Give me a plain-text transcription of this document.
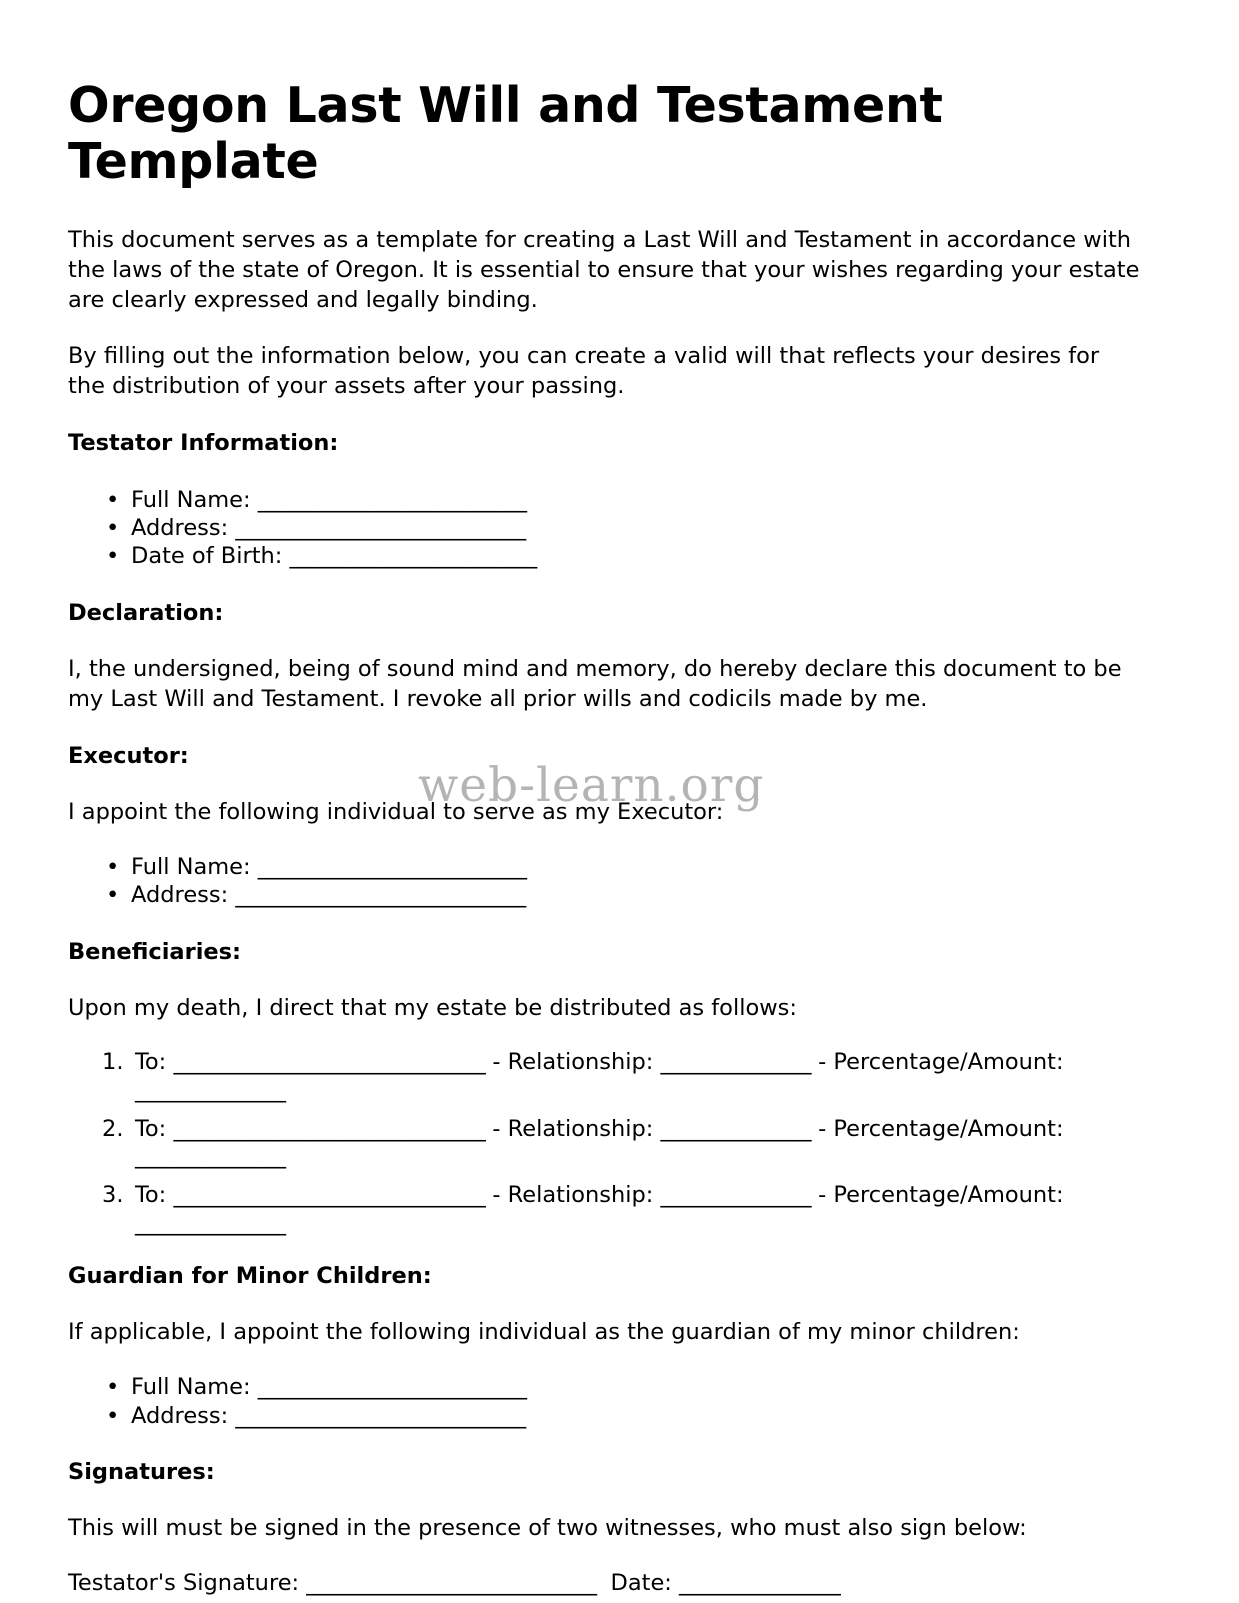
web-learn.org
Oregon Last Will and Testament Template

This document serves as a template for creating a Last Will and Testament in accordance with the laws of the state of Oregon. It is essential to ensure that your wishes regarding your estate are clearly expressed and legally binding.

By filling out the information below, you can create a valid will that reflects your desires for the distribution of your assets after your passing.

Testator Information:
• Full Name: _________________________
• Address: ___________________________
• Date of Birth: _______________________
Declaration:

I, the undersigned, being of sound mind and memory, do hereby declare this document to be my Last Will and Testament. I revoke all prior wills and codicils made by me.

Executor:

I appoint the following individual to serve as my Executor:

• Full Name: _________________________
• Address: ___________________________
Beneficiaries:

Upon my death, I direct that my estate be distributed as follows:

To: _____________________________ - Relationship: ______________ - Percentage/Amount: ______________
To: _____________________________ - Relationship: ______________ - Percentage/Amount: ______________
To: _____________________________ - Relationship: ______________ - Percentage/Amount: ______________
Guardian for Minor Children:

If applicable, I appoint the following individual as the guardian of my minor children:

• Full Name: _________________________
• Address: ___________________________
Signatures:

This will must be signed in the presence of two witnesses, who must also sign below:

Testator's Signature: ___________________________ Date: _______________
